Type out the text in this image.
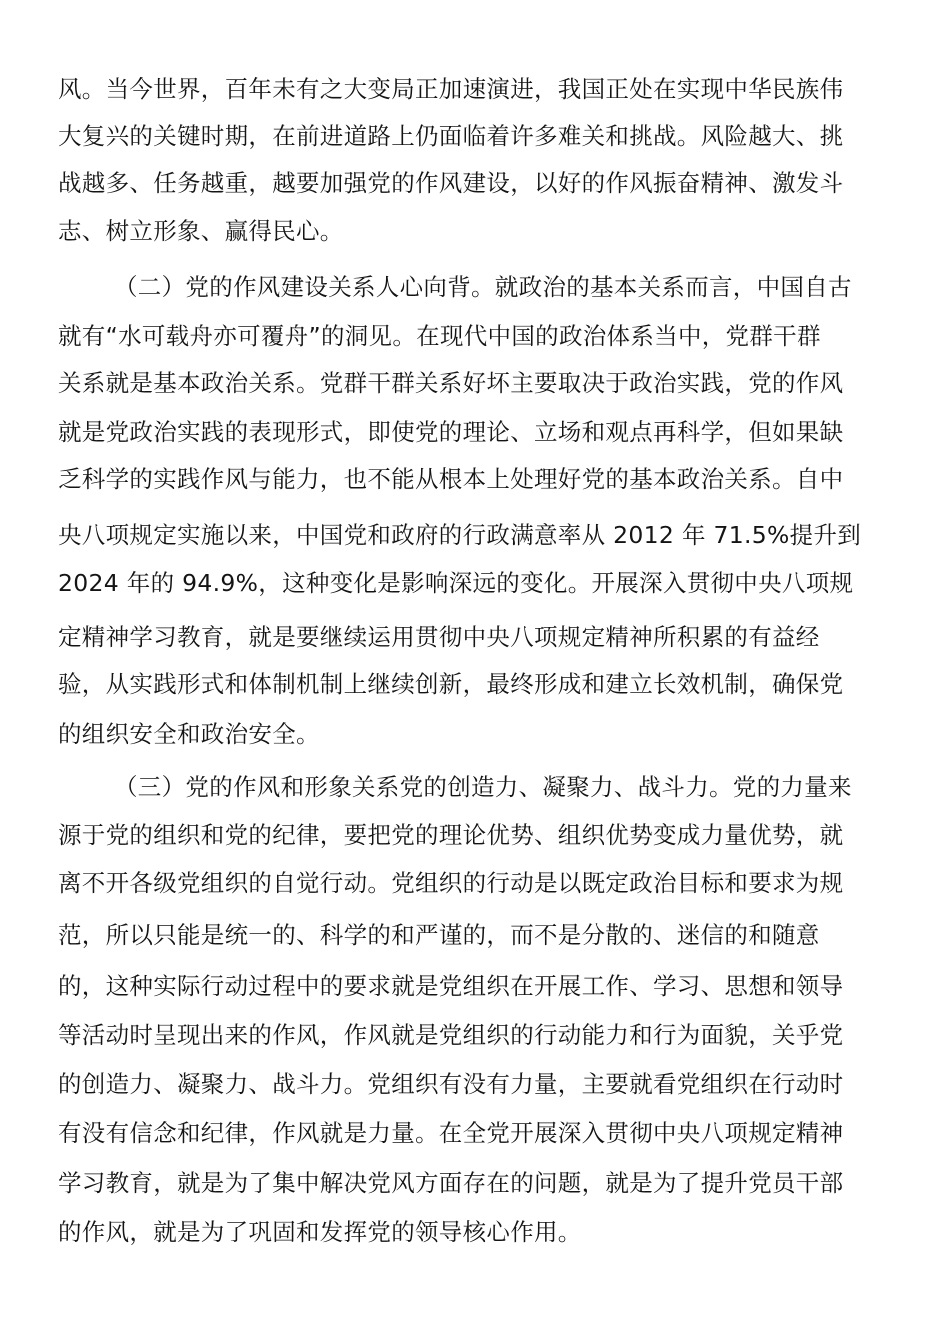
风。当今世界，百年未有之大变局正加速演进，我国正处在实现中华民族伟
大复兴的关键时期，在前进道路上仍面临着许多难关和挑战。风险越大、挑
战越多、任务越重，越要加强党的作风建设，以好的作风振奋精神、激发斗
志、树立形象、赢得民心。
（二）党的作风建设关系人心向背。就政治的基本关系而言，中国自古
就有“水可载舟亦可覆舟”的洞见。在现代中国的政治体系当中，党群干群
关系就是基本政治关系。党群干群关系好坏主要取决于政治实践，党的作风
就是党政治实践的表现形式，即使党的理论、立场和观点再科学，但如果缺
乏科学的实践作风与能力，也不能从根本上处理好党的基本政治关系。自中
央八项规定实施以来，中国党和政府的行政满意率从 2012 年 71.5%提升到
2024 年的 94.9%，这种变化是影响深远的变化。开展深入贯彻中央八项规
定精神学习教育，就是要继续运用贯彻中央八项规定精神所积累的有益经
验，从实践形式和体制机制上继续创新，最终形成和建立长效机制，确保党
的组织安全和政治安全。
（三）党的作风和形象关系党的创造力、凝聚力、战斗力。党的力量来
源于党的组织和党的纪律，要把党的理论优势、组织优势变成力量优势，就
离不开各级党组织的自觉行动。党组织的行动是以既定政治目标和要求为规
范，所以只能是统一的、科学的和严谨的，而不是分散的、迷信的和随意
的，这种实际行动过程中的要求就是党组织在开展工作、学习、思想和领导
等活动时呈现出来的作风，作风就是党组织的行动能力和行为面貌，关乎党
的创造力、凝聚力、战斗力。党组织有没有力量，主要就看党组织在行动时
有没有信念和纪律，作风就是力量。在全党开展深入贯彻中央八项规定精神
学习教育，就是为了集中解决党风方面存在的问题，就是为了提升党员干部
的作风，就是为了巩固和发挥党的领导核心作用。
